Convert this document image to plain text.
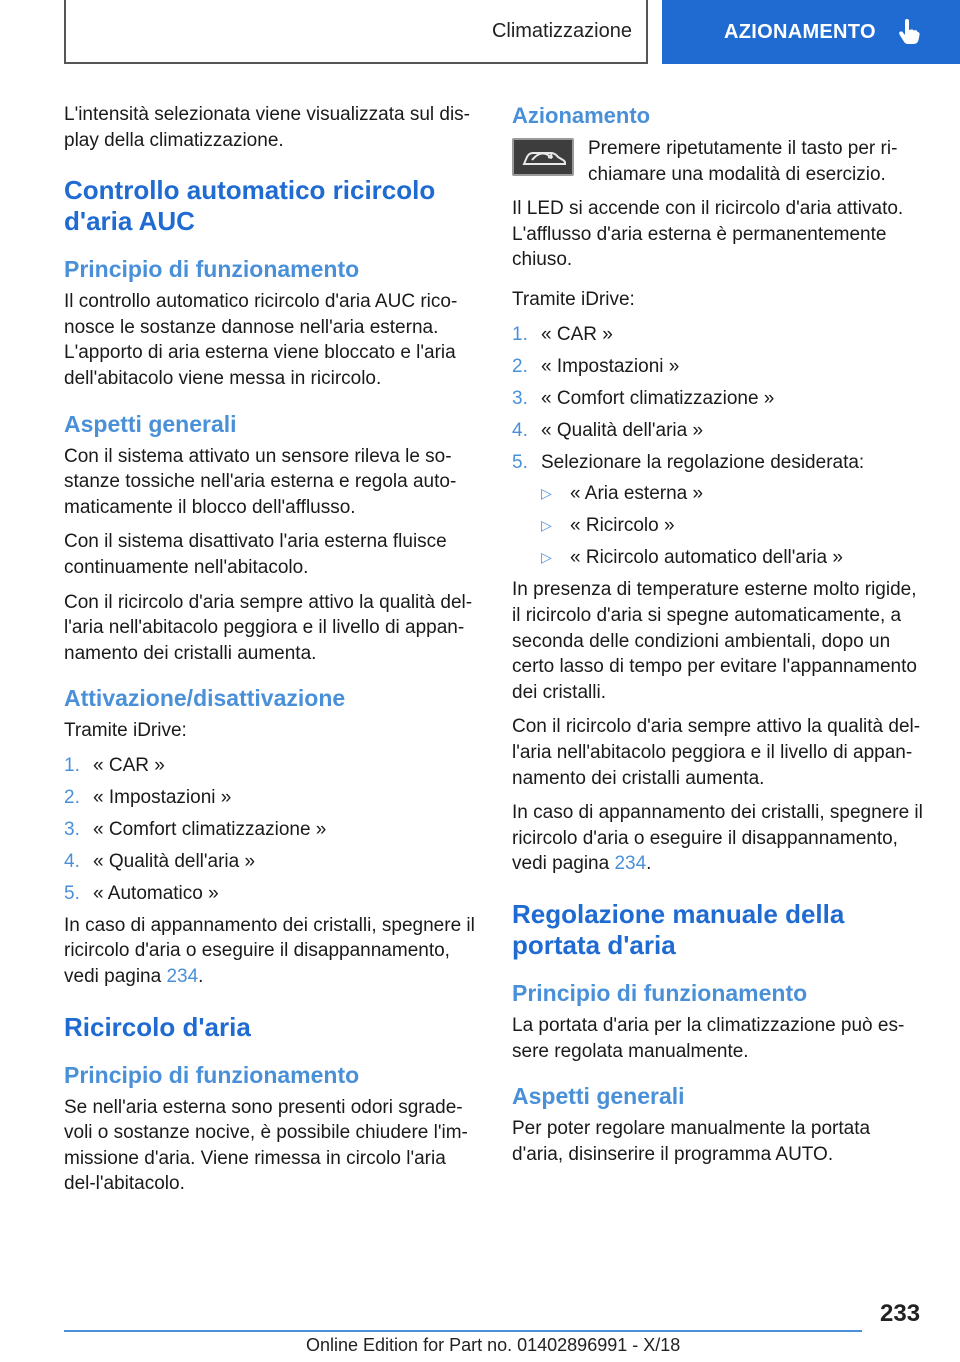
Climatizzazione	AZIONAMENTO

L'intensità selezionata viene visualizzata sul dis-play della climatizzazione.

Controllo automatico ricircolo d'aria AUC
Principio di funzionamento

Il controllo automatico ricircolo d'aria AUC rico-nosce le sostanze dannose nell'aria esterna. L'apporto di aria esterna viene bloccato e l'aria dell'abitacolo viene messa in ricircolo.

Aspetti generali

Con il sistema attivato un sensore rileva le so-stanze tossiche nell'aria esterna e regola auto-maticamente il blocco dell'afflusso.

Con il sistema disattivato l'aria esterna fluisce continuamente nell'abitacolo.

Con il ricircolo d'aria sempre attivo la qualità del-l'aria nell'abitacolo peggiora e il livello di appan-namento dei cristalli aumenta.

Attivazione/disattivazione

Tramite iDrive:

1. « CAR »
2. « Impostazioni »
3. « Comfort climatizzazione »
4. « Qualità dell'aria »
5. « Automatico »

In caso di appannamento dei cristalli, spegnere il ricircolo d'aria o eseguire il disappannamento, vedi pagina 234.

Ricircolo d'aria
Principio di funzionamento

Se nell'aria esterna sono presenti odori sgrade-voli o sostanze nocive, è possibile chiudere l'im-missione d'aria. Viene rimessa in circolo l'aria del-l'abitacolo.

Azionamento

Premere ripetutamente il tasto per ri-chiamare una modalità di esercizio.

Il LED si accende con il ricircolo d'aria attivato. L'afflusso d'aria esterna è permanentemente chiuso.

Tramite iDrive:

1. « CAR »
2. « Impostazioni »
3. « Comfort climatizzazione »
4. « Qualità dell'aria »
5. Selezionare la regolazione desiderata:
▷ « Aria esterna »
▷ « Ricircolo »
▷ « Ricircolo automatico dell'aria »

In presenza di temperature esterne molto rigide, il ricircolo d'aria si spegne automaticamente, a seconda delle condizioni ambientali, dopo un certo lasso di tempo per evitare l'appannamento dei cristalli.

Con il ricircolo d'aria sempre attivo la qualità del-l'aria nell'abitacolo peggiora e il livello di appan-namento dei cristalli aumenta.

In caso di appannamento dei cristalli, spegnere il ricircolo d'aria o eseguire il disappannamento, vedi pagina 234.

Regolazione manuale della portata d'aria
Principio di funzionamento

La portata d'aria per la climatizzazione può es-sere regolata manualmente.

Aspetti generali

Per poter regolare manualmente la portata d'aria, disinserire il programma AUTO.

233
Online Edition for Part no. 01402896991 - X/18
